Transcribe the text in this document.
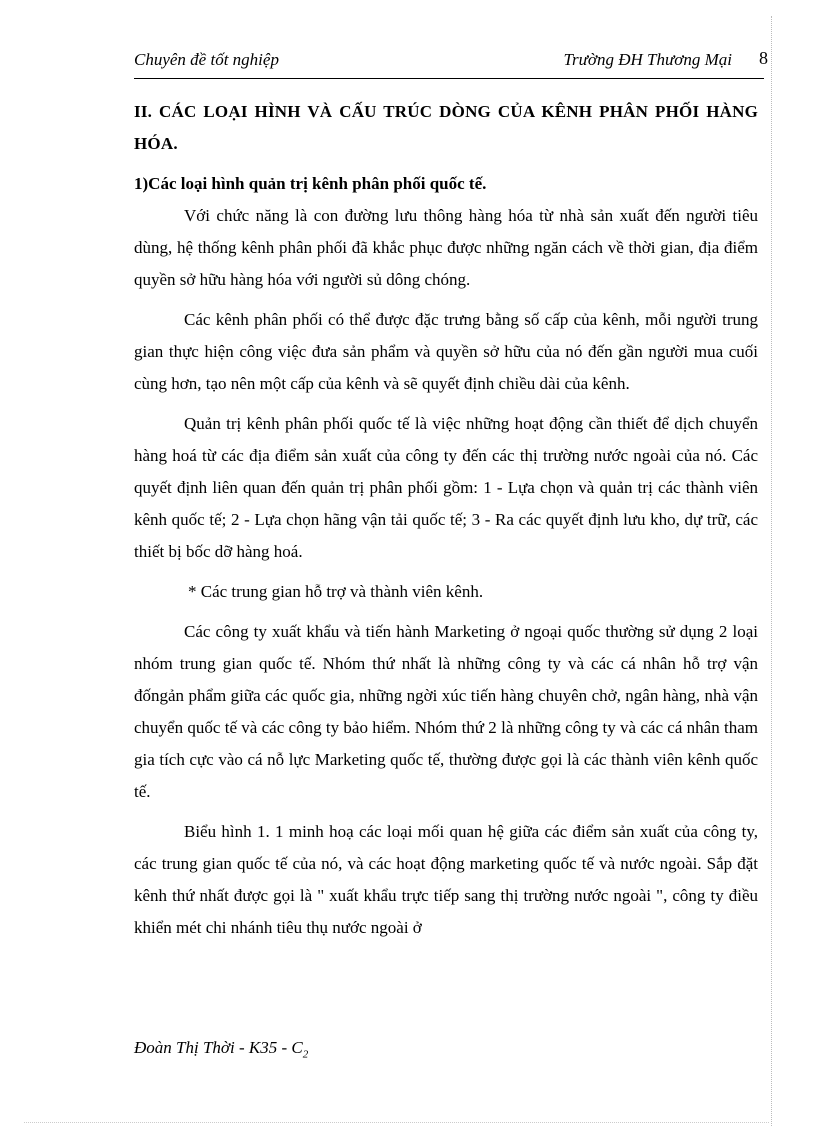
Chuyên đề tốt nghiệp	Trường ĐH Thương Mại 8

II. CÁC LOẠI HÌNH VÀ CẤU TRÚC DÒNG CỦA KÊNH PHÂN PHỐI HÀNG HÓA.

1)Các loại hình quản trị kênh phân phối quốc tế.

Với chức năng là con đường lưu thông hàng hóa từ nhà sản xuất đến người tiêu dùng, hệ thống kênh phân phối đã khắc phục được những ngăn cách về thời gian, địa điểm quyền sở hữu hàng hóa với người sủ dông chóng.

Các kênh phân phối có thể được đặc trưng bằng số cấp của kênh, mỗi người trung gian thực hiện công việc đưa sản phẩm và quyền sở hữu của nó đến gần người mua cuối cùng hơn, tạo nên một cấp của kênh và sẽ quyết định chiều dài của kênh.

Quản trị kênh phân phối quốc tế là việc những hoạt động cần thiết để dịch chuyển hàng hoá từ các địa điểm sản xuất của công ty đến các thị trường nước ngoài của nó. Các quyết định liên quan đến quản trị phân phối gồm: 1 - Lựa chọn và quản trị các thành viên kênh quốc tế; 2 - Lựa chọn hãng vận tải quốc tế; 3 - Ra các quyết định lưu kho, dự trữ, các thiết bị bốc dỡ hàng hoá.

* Các trung gian hỗ trợ và thành viên kênh.

Các công ty xuất khẩu và tiến hành Marketing ở ngoại quốc thường sử dụng 2 loại nhóm trung gian quốc tế. Nhóm thứ nhất là những công ty và các cá nhân hỗ trợ vận đốngản phẩm giữa các quốc gia, những ngời xúc tiến hàng chuyên chở, ngân hàng, nhà vận chuyển quốc tế và các công ty bảo hiểm. Nhóm thứ 2 là những công ty và các cá nhân tham gia tích cực vào cá nỗ lực Marketing quốc tế, thường được gọi là các thành viên kênh quốc tế.

Biểu hình 1. 1 minh hoạ các loại mối quan hệ giữa các điểm sản xuất của công ty, các trung gian quốc tế của nó, và các hoạt động marketing quốc tế và nước ngoài. Sắp đặt kênh thứ nhất được gọi là " xuất khẩu trực tiếp sang thị trường nước ngoài ", công ty điều khiển mét chi nhánh tiêu thụ nước ngoài ở

Đoàn Thị Thời - $K35 - C_2$
